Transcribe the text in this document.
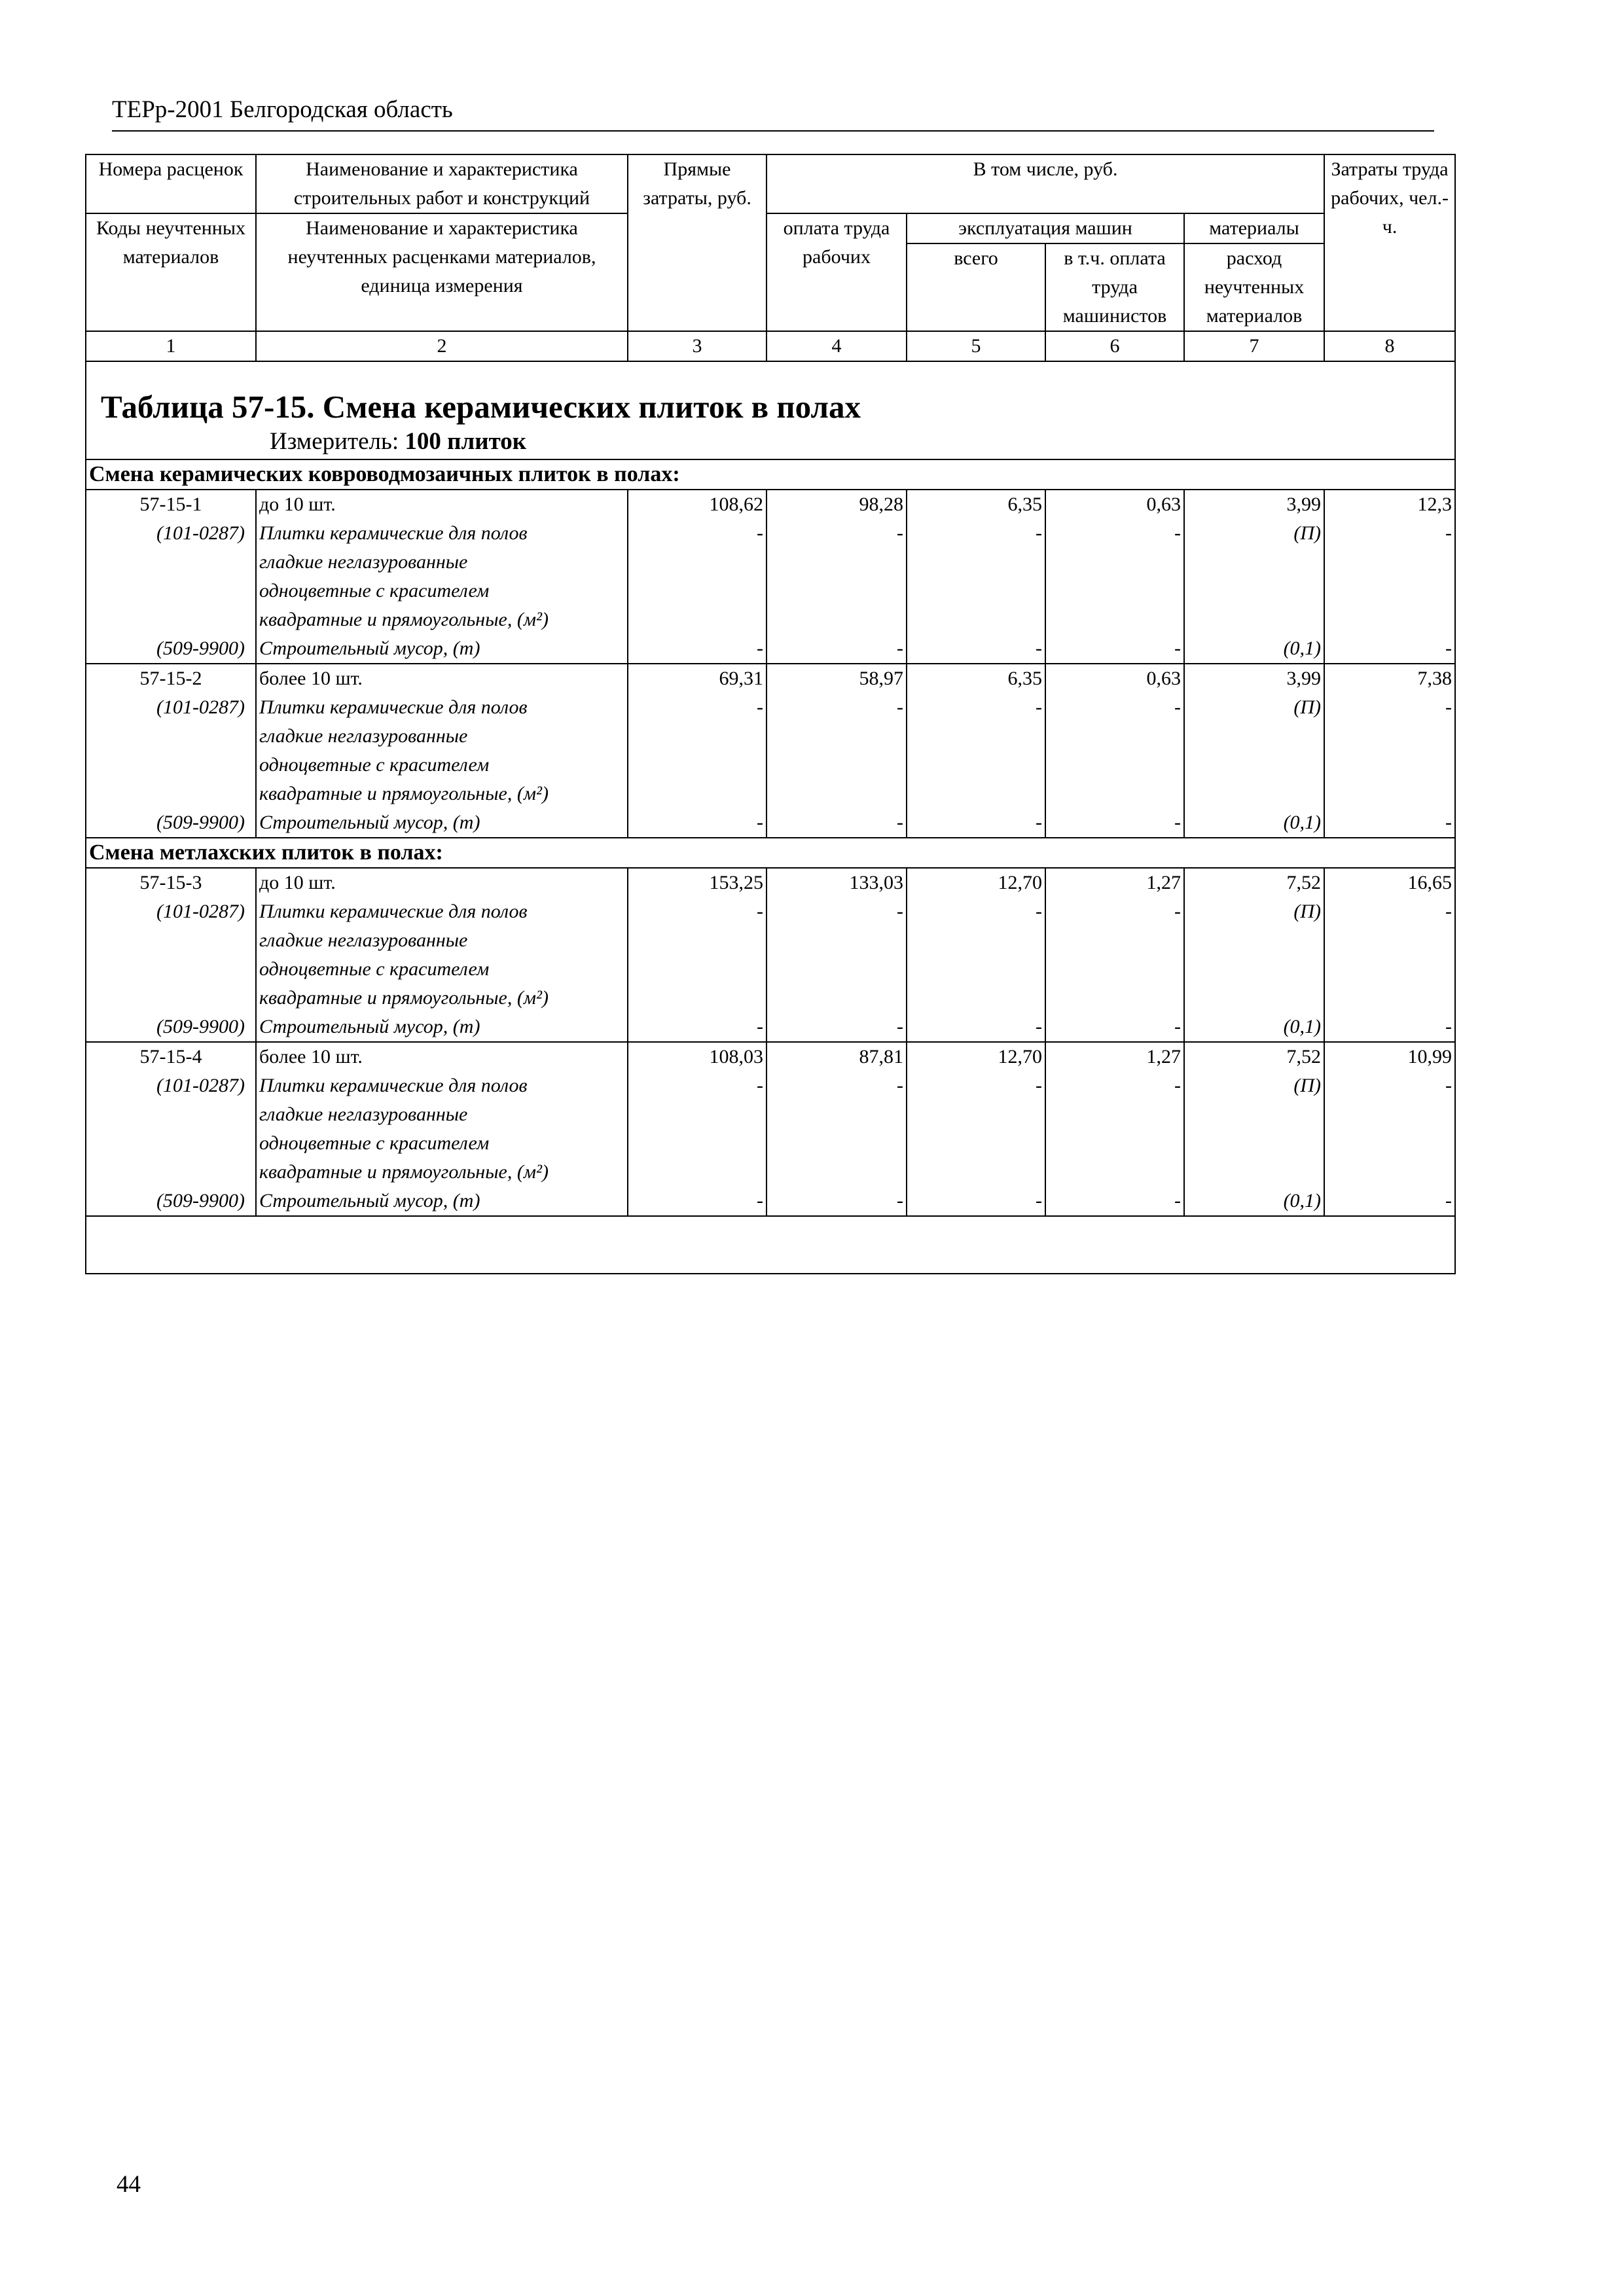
ТЕРр-2001 Белгородская область
Номера расценок	Наименование и характеристика строительных работ и конструкций	Прямые затраты, руб.	В том числе, руб.				Затраты труда рабочих, чел.-ч.
Коды неучтенных материалов	Наименование и характеристика неучтенных расценками материалов, единица измерения		оплата труда рабочих	эксплуатация машин		материалы	
				всего	в т.ч. оплата труда машинистов	расход неучтенных материалов	
1	2	3	4	5	6	7	8

Таблица 57-15. Смена керамических плиток в полах
Измеритель: 100 плиток							

Смена керамических ковроводмозаичных плиток в полах:							
57-15-1	до 10 шт.	108,62	98,28	6,35	0,63	3,99	12,3
(101-0287)	Плитки керамические для полов
гладкие неглазурованные
одноцветные с красителем
квадратные и прямоугольные, (м²)	-	-	-	-	(П)	-
(509-9900)	Строительный мусор, (т)	-	-	-	-	(0,1)	-
57-15-2	более 10 шт.	69,31	58,97	6,35	0,63	3,99	7,38
(101-0287)	Плитки керамические для полов
гладкие неглазурованные
одноцветные с красителем
квадратные и прямоугольные, (м²)	-	-	-	-	(П)	-
(509-9900)	Строительный мусор, (т)	-	-	-	-	(0,1)	-
Смена метлахских плиток в полах:							
57-15-3	до 10 шт.	153,25	133,03	12,70	1,27	7,52	16,65
(101-0287)	Плитки керамические для полов
гладкие неглазурованные
одноцветные с красителем
квадратные и прямоугольные, (м²)	-	-	-	-	(П)	-
(509-9900)	Строительный мусор, (т)	-	-	-	-	(0,1)	-
57-15-4	более 10 шт.	108,03	87,81	12,70	1,27	7,52	10,99
(101-0287)	Плитки керамические для полов
гладкие неглазурованные
одноцветные с красителем
квадратные и прямоугольные, (м²)	-	-	-	-	(П)	-
(509-9900)	Строительный мусор, (т)	-	-	-	-	(0,1)	-

44
